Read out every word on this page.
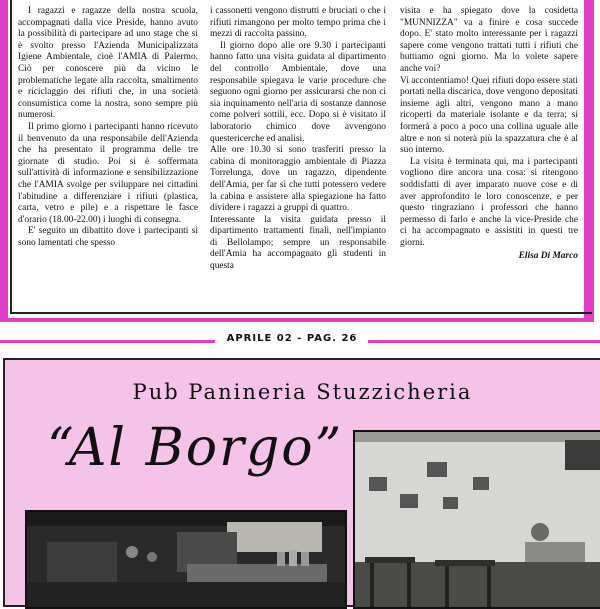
I ragazzi e ragazze della nostra scuola, accompagnati dalla vice Preside, hanno avuto la possibilità di partecipare ad uno stage che si è svolto presso l'Azienda Municipalizzata Igiene Ambientale, cioè l'AMIA di Palermo. Ciò per conoscere più da vicino le problematiche legate alla raccolta, smaltimento e riciclaggio dei rifiuti che, in una società consumistica come la nostra, sono sempre più numerosi.

Il primo giorno i partecipanti hanno ricevuto il benvenuto da una responsabile dell'Azienda che ha presentato il programma delle tre giornate di studio. Poi si è soffermata sull'attività di informazione e sensibilizzazione che l'AMIA svolge per sviluppare nei cittadini l'abitudine a differenziare i rifiuti (plastica, carta, vetro e pile) e a rispettare le fasce d'orario (18.00-22.00) i luoghi di consegna.

E' seguito un dibattito dove i partecipanti si sono lamentati che spesso

i cassonetti vengono distrutti e bruciati o che i rifiuti rimangono per molto tempo prima che i mezzi di raccolta passino.

Il giorno dopo alle ore 9.30 i partecipanti hanno fatto una visita guidata al dipartimento del controllo Ambientale, dove una responsabile spiegava le varie procedure che seguono ogni giorno per assicurarsi che non ci sia inquinamento nell'aria di sostanze dannose come polveri sottili, ecc. Dopo si è visitato il laboratorio chimico dove avvengono questericerche ed analisi.

Alle ore 10.30 si sono trasferiti presso la cabina di monitoraggio ambientale di Piazza Torrelunga, dove un ragazzo, dipendente dell'Amia, per far sì che tutti potessero vedere la cabina e assistere alla spiegazione ha fatto dividere i ragazzi a gruppi di quattro.

Interessante la visita guidata presso il dipartimento trattamenti finali, nell'impianto di Bellolampo; sempre un responsabile dell'Amia ha accompagnato gli studenti in questa

visita e ha spiegato dove la cosidetta "MUNNIZZA" va a finire e cosa succede dopo. E' stato molto interessante per i ragazzi sapere come vengono trattati tutti i rifiuti che buttiamo ogni giorno. Ma lo volete sapere anche voi?

Vi accontentiamo! Quei rifiuti dopo essere stati portati nella discarica, dove vengono depositati insieme agli altri, vengono mano a mano ricoperti da materiale isolante e da terra; si formerà a poco a poco una collina uguale alle altre e non si noterà più la spazzatura che è al suo interno.

La visita è terminata qui, ma i partecipanti vogliono dire ancora una cosa: si ritengono soddisfatti di aver imparato nuove cose e di aver approfondito le loro conoscenze, e per questo ringraziano i professori che hanno permesso di farlo e anche la vice-Preside che ci ha accompagnato e assistiti in questi tre giorni.

Elisa Di Marco
APRILE 02 - PAG. 26
Pub Panineria Stuzzicheria
“Al Borgo”
